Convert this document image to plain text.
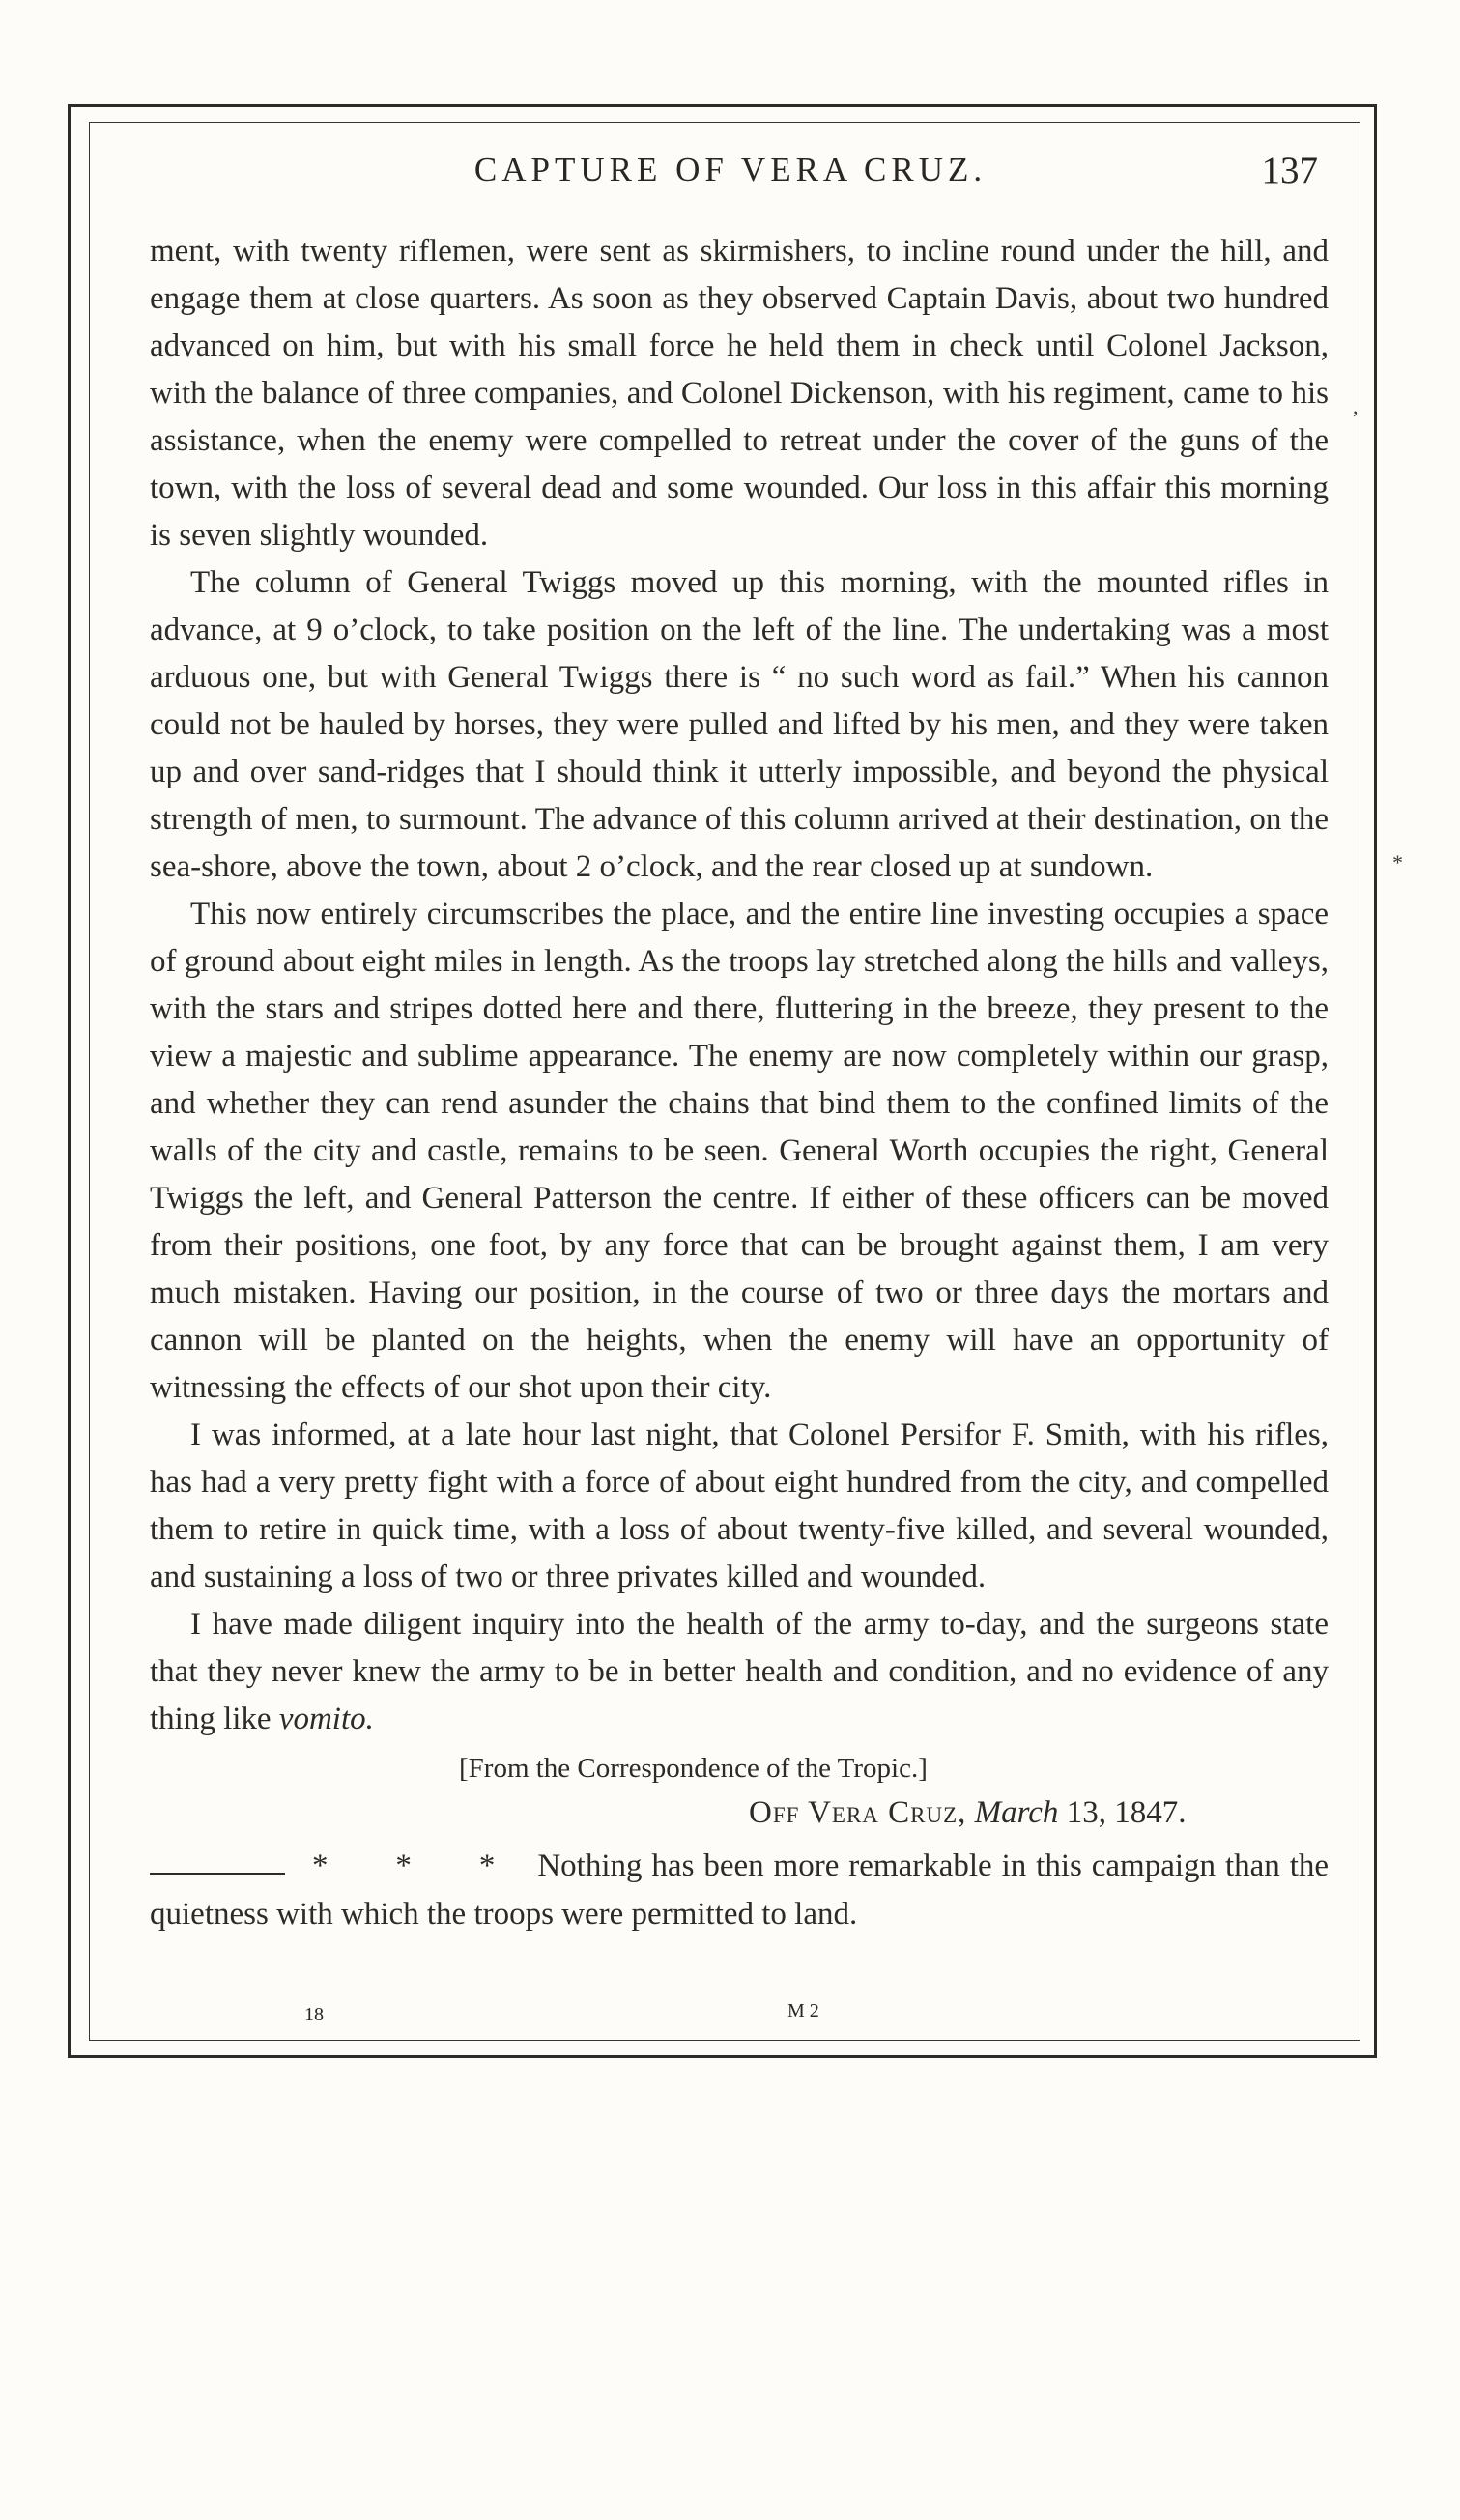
CAPTURE OF VERA CRUZ.	137

ment, with twenty riflemen, were sent as skirmishers, to incline round under the hill, and engage them at close quarters. As soon as they observed Captain Davis, about two hundred advanced on him, but with his small force he held them in check until Colonel Jackson, with the balance of three companies, and Colonel Dickenson, with his regiment, came to his assistance, when the enemy were compelled to retreat under the cover of the guns of the town, with the loss of several dead and some wounded. Our loss in this affair this morning is seven slightly wounded.

The column of General Twiggs moved up this morning, with the mounted rifles in advance, at 9 o’clock, to take position on the left of the line. The undertaking was a most arduous one, but with General Twiggs there is “ no such word as fail.” When his cannon could not be hauled by horses, they were pulled and lifted by his men, and they were taken up and over sand-ridges that I should think it utterly impossible, and beyond the physical strength of men, to surmount. The advance of this column arrived at their destination, on the sea-shore, above the town, about 2 o’clock, and the rear closed up at sundown.

This now entirely circumscribes the place, and the entire line investing occupies a space of ground about eight miles in length. As the troops lay stretched along the hills and valleys, with the stars and stripes dotted here and there, fluttering in the breeze, they present to the view a majestic and sublime appearance. The enemy are now completely within our grasp, and whether they can rend asunder the chains that bind them to the confined limits of the walls of the city and castle, remains to be seen. General Worth occupies the right, General Twiggs the left, and General Patterson the centre. If either of these officers can be moved from their positions, one foot, by any force that can be brought against them, I am very much mistaken. Having our position, in the course of two or three days the mortars and cannon will be planted on the heights, when the enemy will have an opportunity of witnessing the effects of our shot upon their city.

I was informed, at a late hour last night, that Colonel Persifor F. Smith, with his rifles, has had a very pretty fight with a force of about eight hundred from the city, and compelled them to retire in quick time, with a loss of about twenty-five killed, and several wounded, and sustaining a loss of two or three privates killed and wounded.

I have made diligent inquiry into the health of the army to-day, and the surgeons state that they never knew the army to be in better health and condition, and no evidence of any thing like vomito.

[From the Correspondence of the Tropic.]

Off Vera Cruz, March 13, 1847.

* * * Nothing has been more remarkable in this campaign than the quietness with which the troops were permitted to land.

18	M 2
,
*
